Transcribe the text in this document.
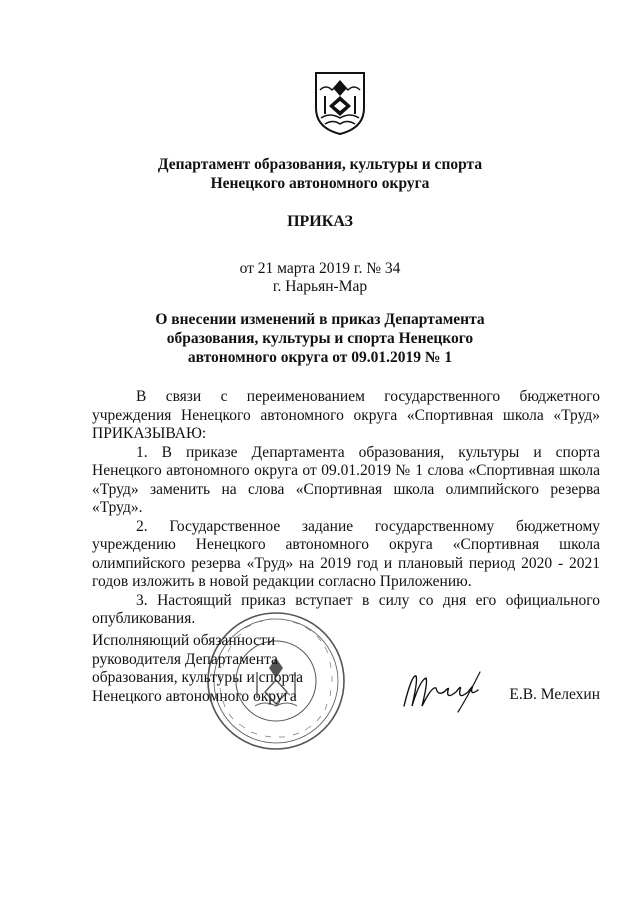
Департамент образования, культуры и спорта
Ненецкого автономного округа
ПРИКАЗ
от 21 марта 2019 г. № 34
г. Нарьян-Мар
О внесении изменений в приказ Департамента
образования, культуры и спорта Ненецкого
автономного округа от 09.01.2019 № 1

В связи с переименованием государственного бюджетного учреждения Ненецкого автономного округа «Спортивная школа «Труд» ПРИКАЗЫВАЮ:

1. В приказе Департамента образования, культуры и спорта Ненецкого автономного округа от 09.01.2019 № 1 слова «Спортивная школа «Труд» заменить на слова «Спортивная школа олимпийского резерва «Труд».

2. Государственное задание государственному бюджетному учреждению Ненецкого автономного округа «Спортивная школа олимпийского резерва «Труд» на 2019 год и плановый период 2020 - 2021 годов изложить в новой редакции согласно Приложению.

3. Настоящий приказ вступает в силу со дня его официального опубликования.

Исполняющий обязанности
руководителя Департамента
образования, культуры и спорта
Ненецкого автономного округа	Е.В. Мелехин
